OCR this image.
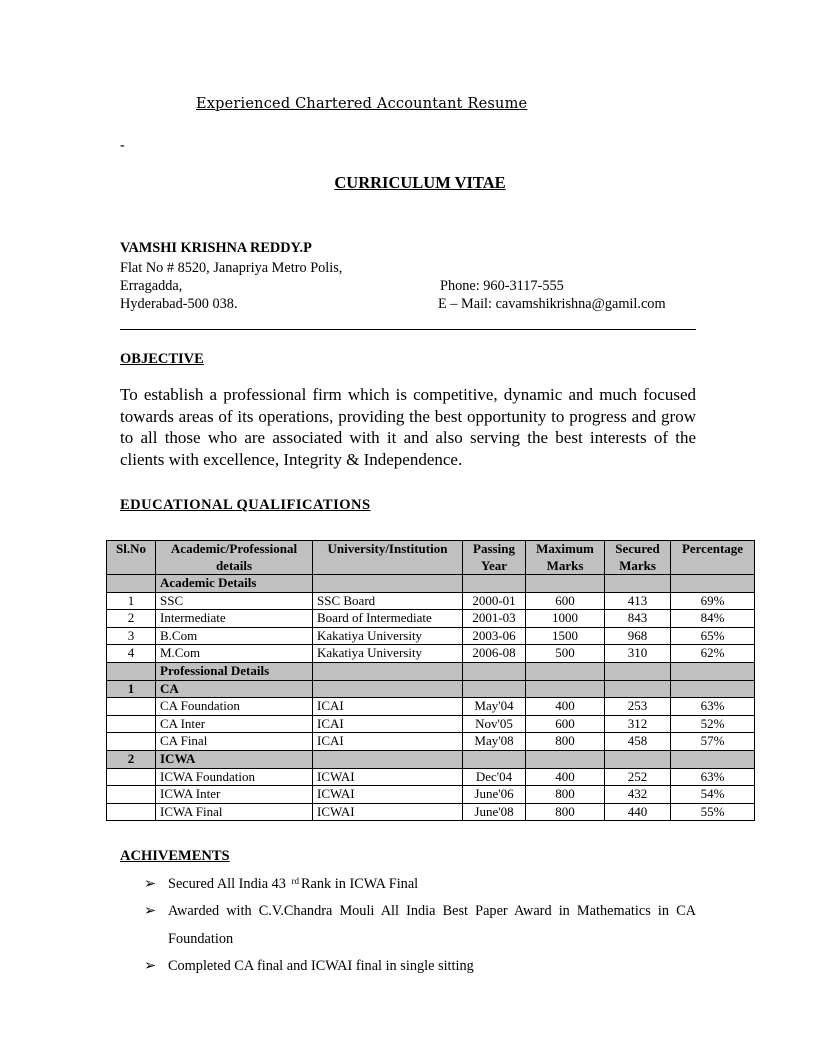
Experienced Chartered Accountant Resume
-
CURRICULUM VITAE
VAMSHI KRISHNA REDDY.P
Flat No # 8520, Janapriya Metro Polis,
Erragadda,
Hyderabad-500 038.
Phone: 960-3117-555
E – Mail: cavamshikrishna@gamil.com
OBJECTIVE
To establish a professional firm which is competitive, dynamic and much focused towards areas of its operations, providing the best opportunity to progress and grow to all those who are associated with it and also serving the best interests of the clients with excellence, Integrity & Independence.
EDUCATIONAL QUALIFICATIONS
Sl.No	Academic/Professional details	University/Institution	Passing Year	Maximum Marks	Secured Marks	Percentage
	Academic Details					
1	SSC	SSC Board	2000-01	600	413	69%
2	Intermediate	Board of Intermediate	2001-03	1000	843	84%
3	B.Com	Kakatiya University	2003-06	1500	968	65%
4	M.Com	Kakatiya University	2006-08	500	310	62%
	Professional Details					
1	CA					
	CA Foundation	ICAI	May'04	400	253	63%
	CA Inter	ICAI	Nov'05	600	312	52%
	CA Final	ICAI	May'08	800	458	57%
2	ICWA					
	ICWA Foundation	ICWAI	Dec'04	400	252	63%
	ICWA Inter	ICWAI	June'06	800	432	54%
	ICWA Final	ICWAI	June'08	800	440	55%
ACHIVEMENTS
➢ Secured All India 43 $^{rd}$ Rank in ICWA Final
➢ Awarded with C.V.Chandra Mouli All India Best Paper Award in Mathematics in CA Foundation
➢ Completed CA final and ICWAI final in single sitting
